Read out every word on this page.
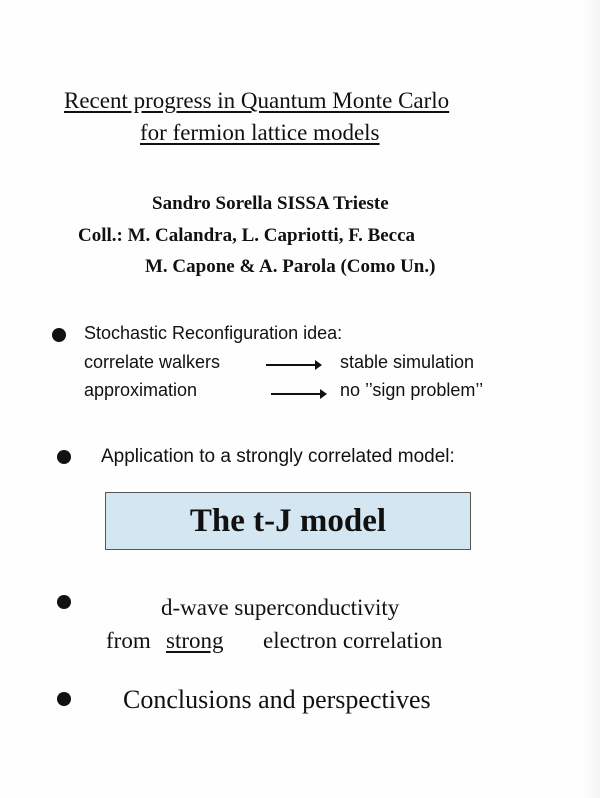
Recent progress in Quantum Monte Carlo
for fermion lattice models
Sandro Sorella SISSA Trieste
Coll.: M. Calandra, L. Capriotti, F. Becca
M. Capone & A. Parola (Como Un.)
Stochastic Reconfiguration idea:
correlate walkers	stable simulation
approximation	no ’’sign problem’’
Application to a strongly correlated model:
The t-J model
d-wave superconductivity
from strong electron correlation
Conclusions and perspectives
